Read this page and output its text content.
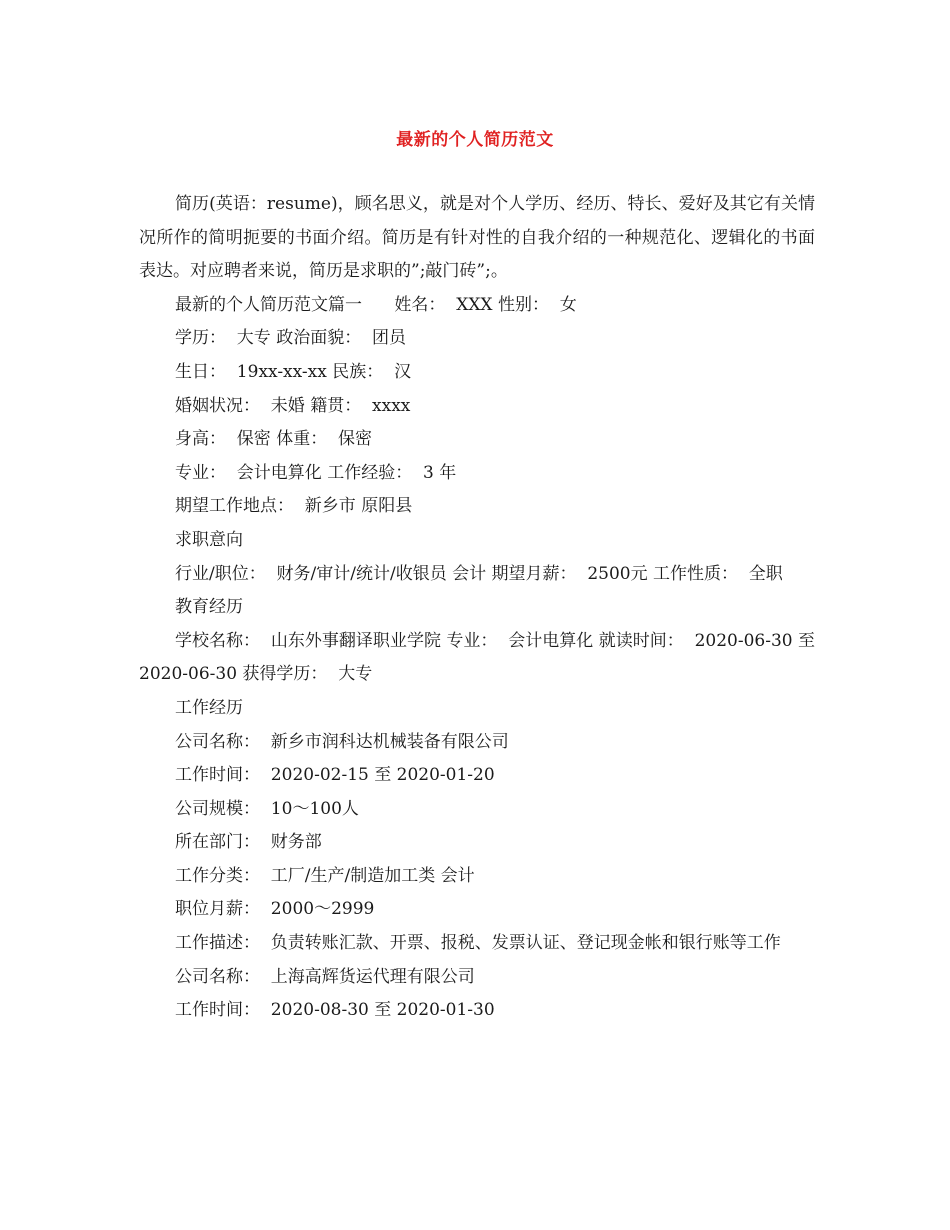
最新的个人简历范文

简历(英语：resume)，顾名思义，就是对个人学历、经历、特长、爱好及其它有关情况所作的简明扼要的书面介绍。简历是有针对性的自我介绍的一种规范化、逻辑化的书面表达。对应聘者来说，简历是求职的”;敲门砖”;。

最新的个人简历范文篇一      姓名：  XXX 性别：  女

学历：  大专 政治面貌：  团员

生日：  19xx-xx-xx 民族：  汉

婚姻状况：  未婚 籍贯：  xxxx

身高：  保密 体重：  保密

专业：  会计电算化 工作经验：  3 年

期望工作地点：  新乡市 原阳县

求职意向

行业/职位：  财务/审计/统计/收银员 会计 期望月薪：  2500元 工作性质：  全职

教育经历

学校名称：  山东外事翻译职业学院 专业：  会计电算化 就读时间：  2020-06-30 至 2020-06-30 获得学历：  大专

工作经历

公司名称：  新乡市润科达机械装备有限公司

工作时间：  2020-02-15 至 2020-01-20

公司规模：  10～100人

所在部门：  财务部

工作分类：  工厂/生产/制造加工类 会计

职位月薪：  2000～2999

工作描述：  负责转账汇款、开票、报税、发票认证、登记现金帐和银行账等工作

公司名称：  上海高辉货运代理有限公司

工作时间：  2020-08-30 至 2020-01-30
